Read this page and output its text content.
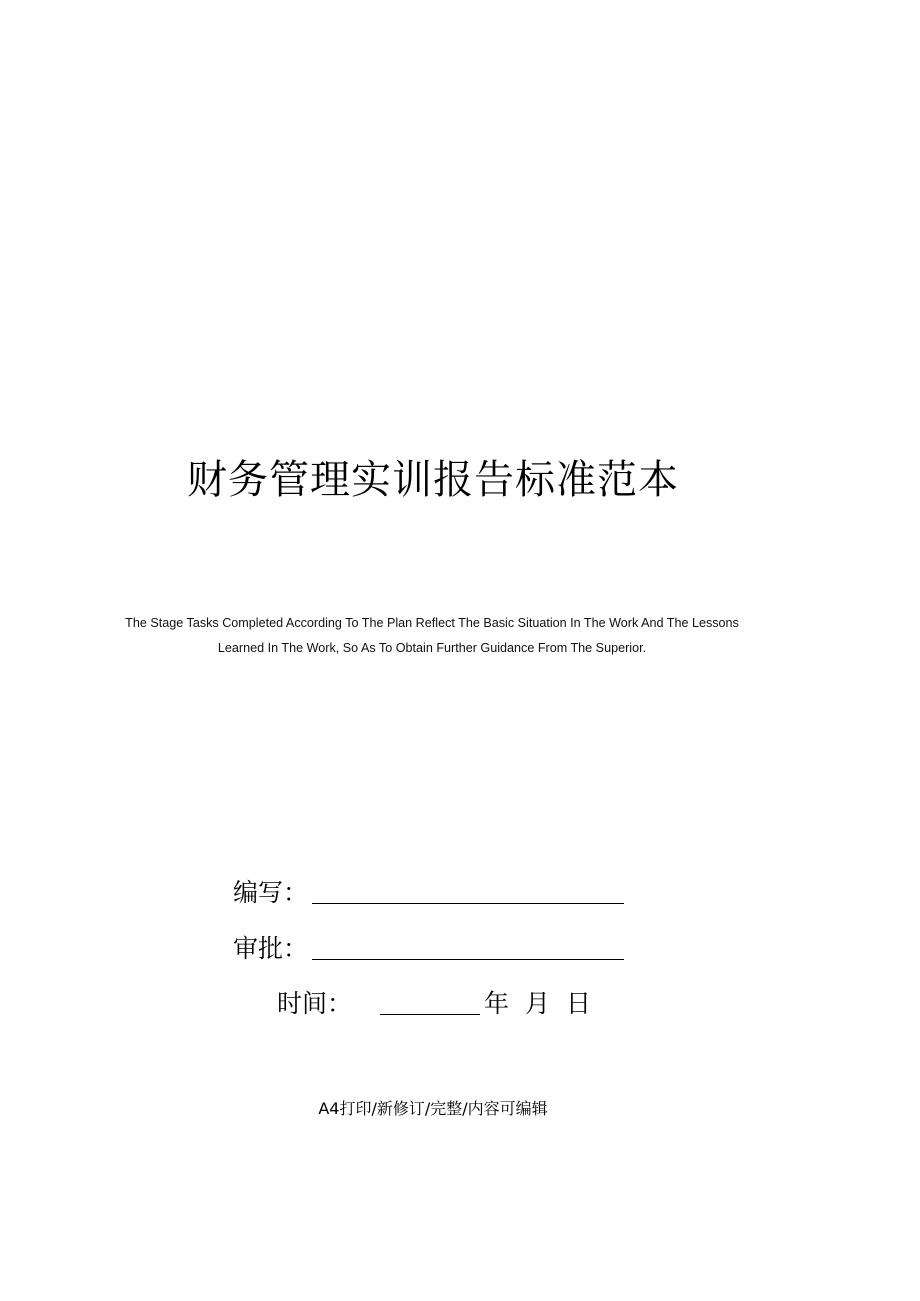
财务管理实训报告标准范本
The Stage Tasks Completed According To The Plan Reflect The Basic Situation In The Work And The Lessons
Learned In The Work, So As To Obtain Further Guidance From The Superior.
编写：
审批：
时间：	年 月 日
A4打印/新修订/完整/内容可编辑
